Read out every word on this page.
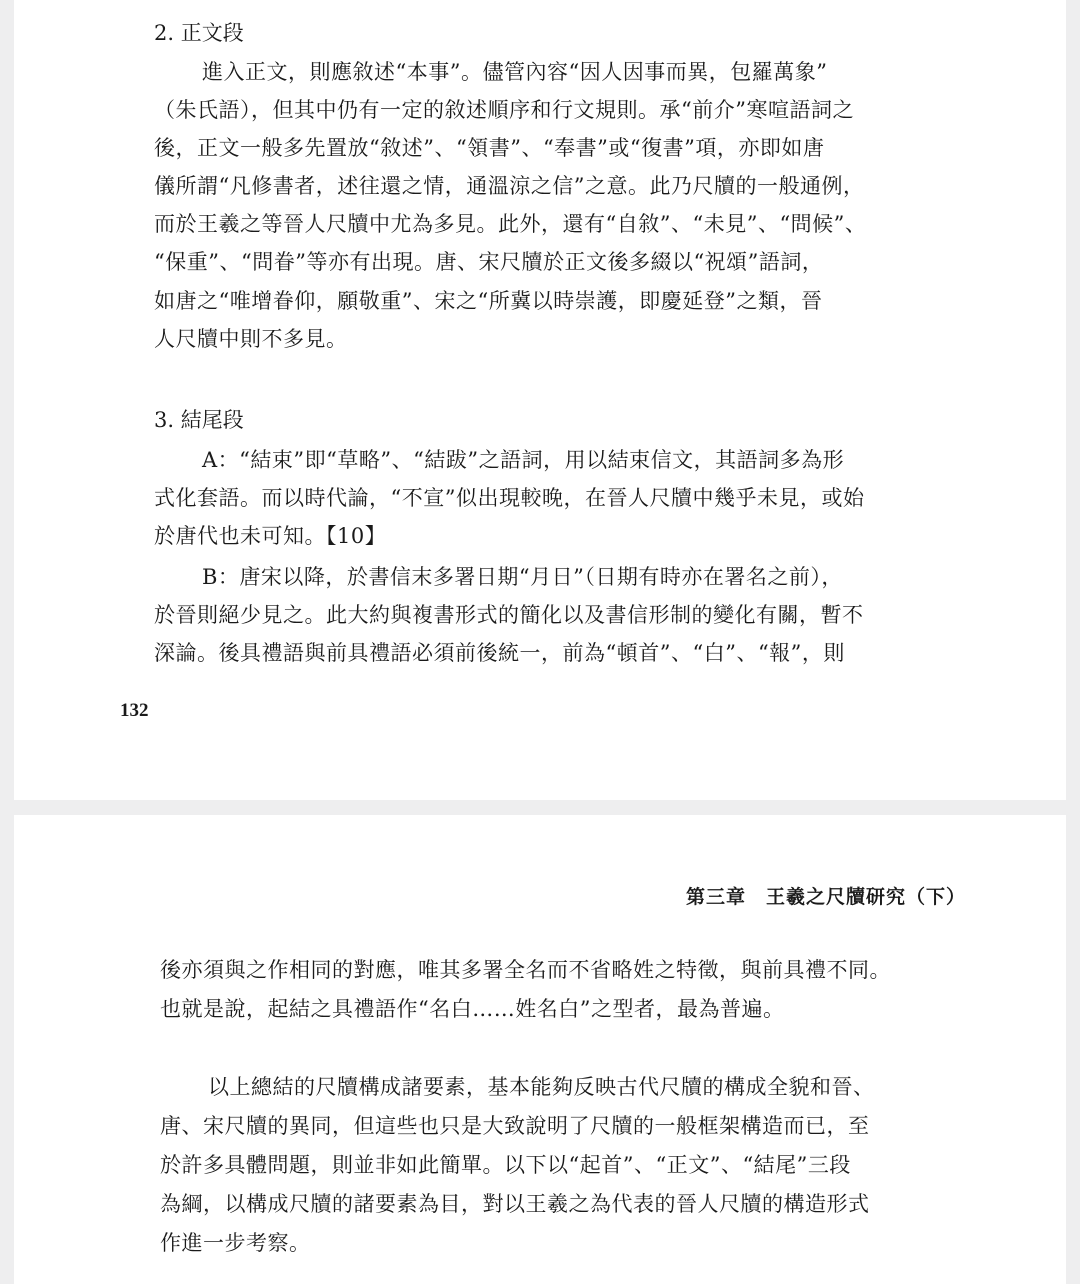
2. 正文段
進入正文，則應敘述“本事”。儘管內容“因人因事而異，包羅萬象”
（朱氏語），但其中仍有一定的敘述順序和行文規則。承“前介”寒喧語詞之
後，正文一般多先置放“敘述”、“領書”、“奉書”或“復書”項，亦即如唐
儀所謂“凡修書者，述往還之情，通溫涼之信”之意。此乃尺牘的一般通例，
而於王羲之等晉人尺牘中尤為多見。此外，還有“自敘”、“未見”、“問候”、
“保重”、“問眷”等亦有出現。唐、宋尺牘於正文後多綴以“祝頌”語詞，
如唐之“唯增眷仰，願敬重”、宋之“所冀以時崇護，即慶延登”之類，晉
人尺牘中則不多見。
3. 結尾段
A：“結束”即“草略”、“結跋”之語詞，用以結束信文，其語詞多為形
式化套語。而以時代論，“不宣”似出現較晚，在晉人尺牘中幾乎未見，或始
於唐代也未可知。【10】
B：唐宋以降，於書信末多署日期“月日”（日期有時亦在署名之前），
於晉則絕少見之。此大約與複書形式的簡化以及書信形制的變化有關，暫不
深論。後具禮語與前具禮語必須前後統一，前為“頓首”、“白”、“報”，則
132
第三章　王羲之尺牘研究（下）
後亦須與之作相同的對應，唯其多署全名而不省略姓之特徵，與前具禮不同。
也就是說，起結之具禮語作“名白……姓名白”之型者，最為普遍。
以上總結的尺牘構成諸要素，基本能夠反映古代尺牘的構成全貌和晉、
唐、宋尺牘的異同，但這些也只是大致說明了尺牘的一般框架構造而已，至
於許多具體問題，則並非如此簡單。以下以“起首”、“正文”、“結尾”三段
為綱，以構成尺牘的諸要素為目，對以王羲之為代表的晉人尺牘的構造形式
作進一步考察。
